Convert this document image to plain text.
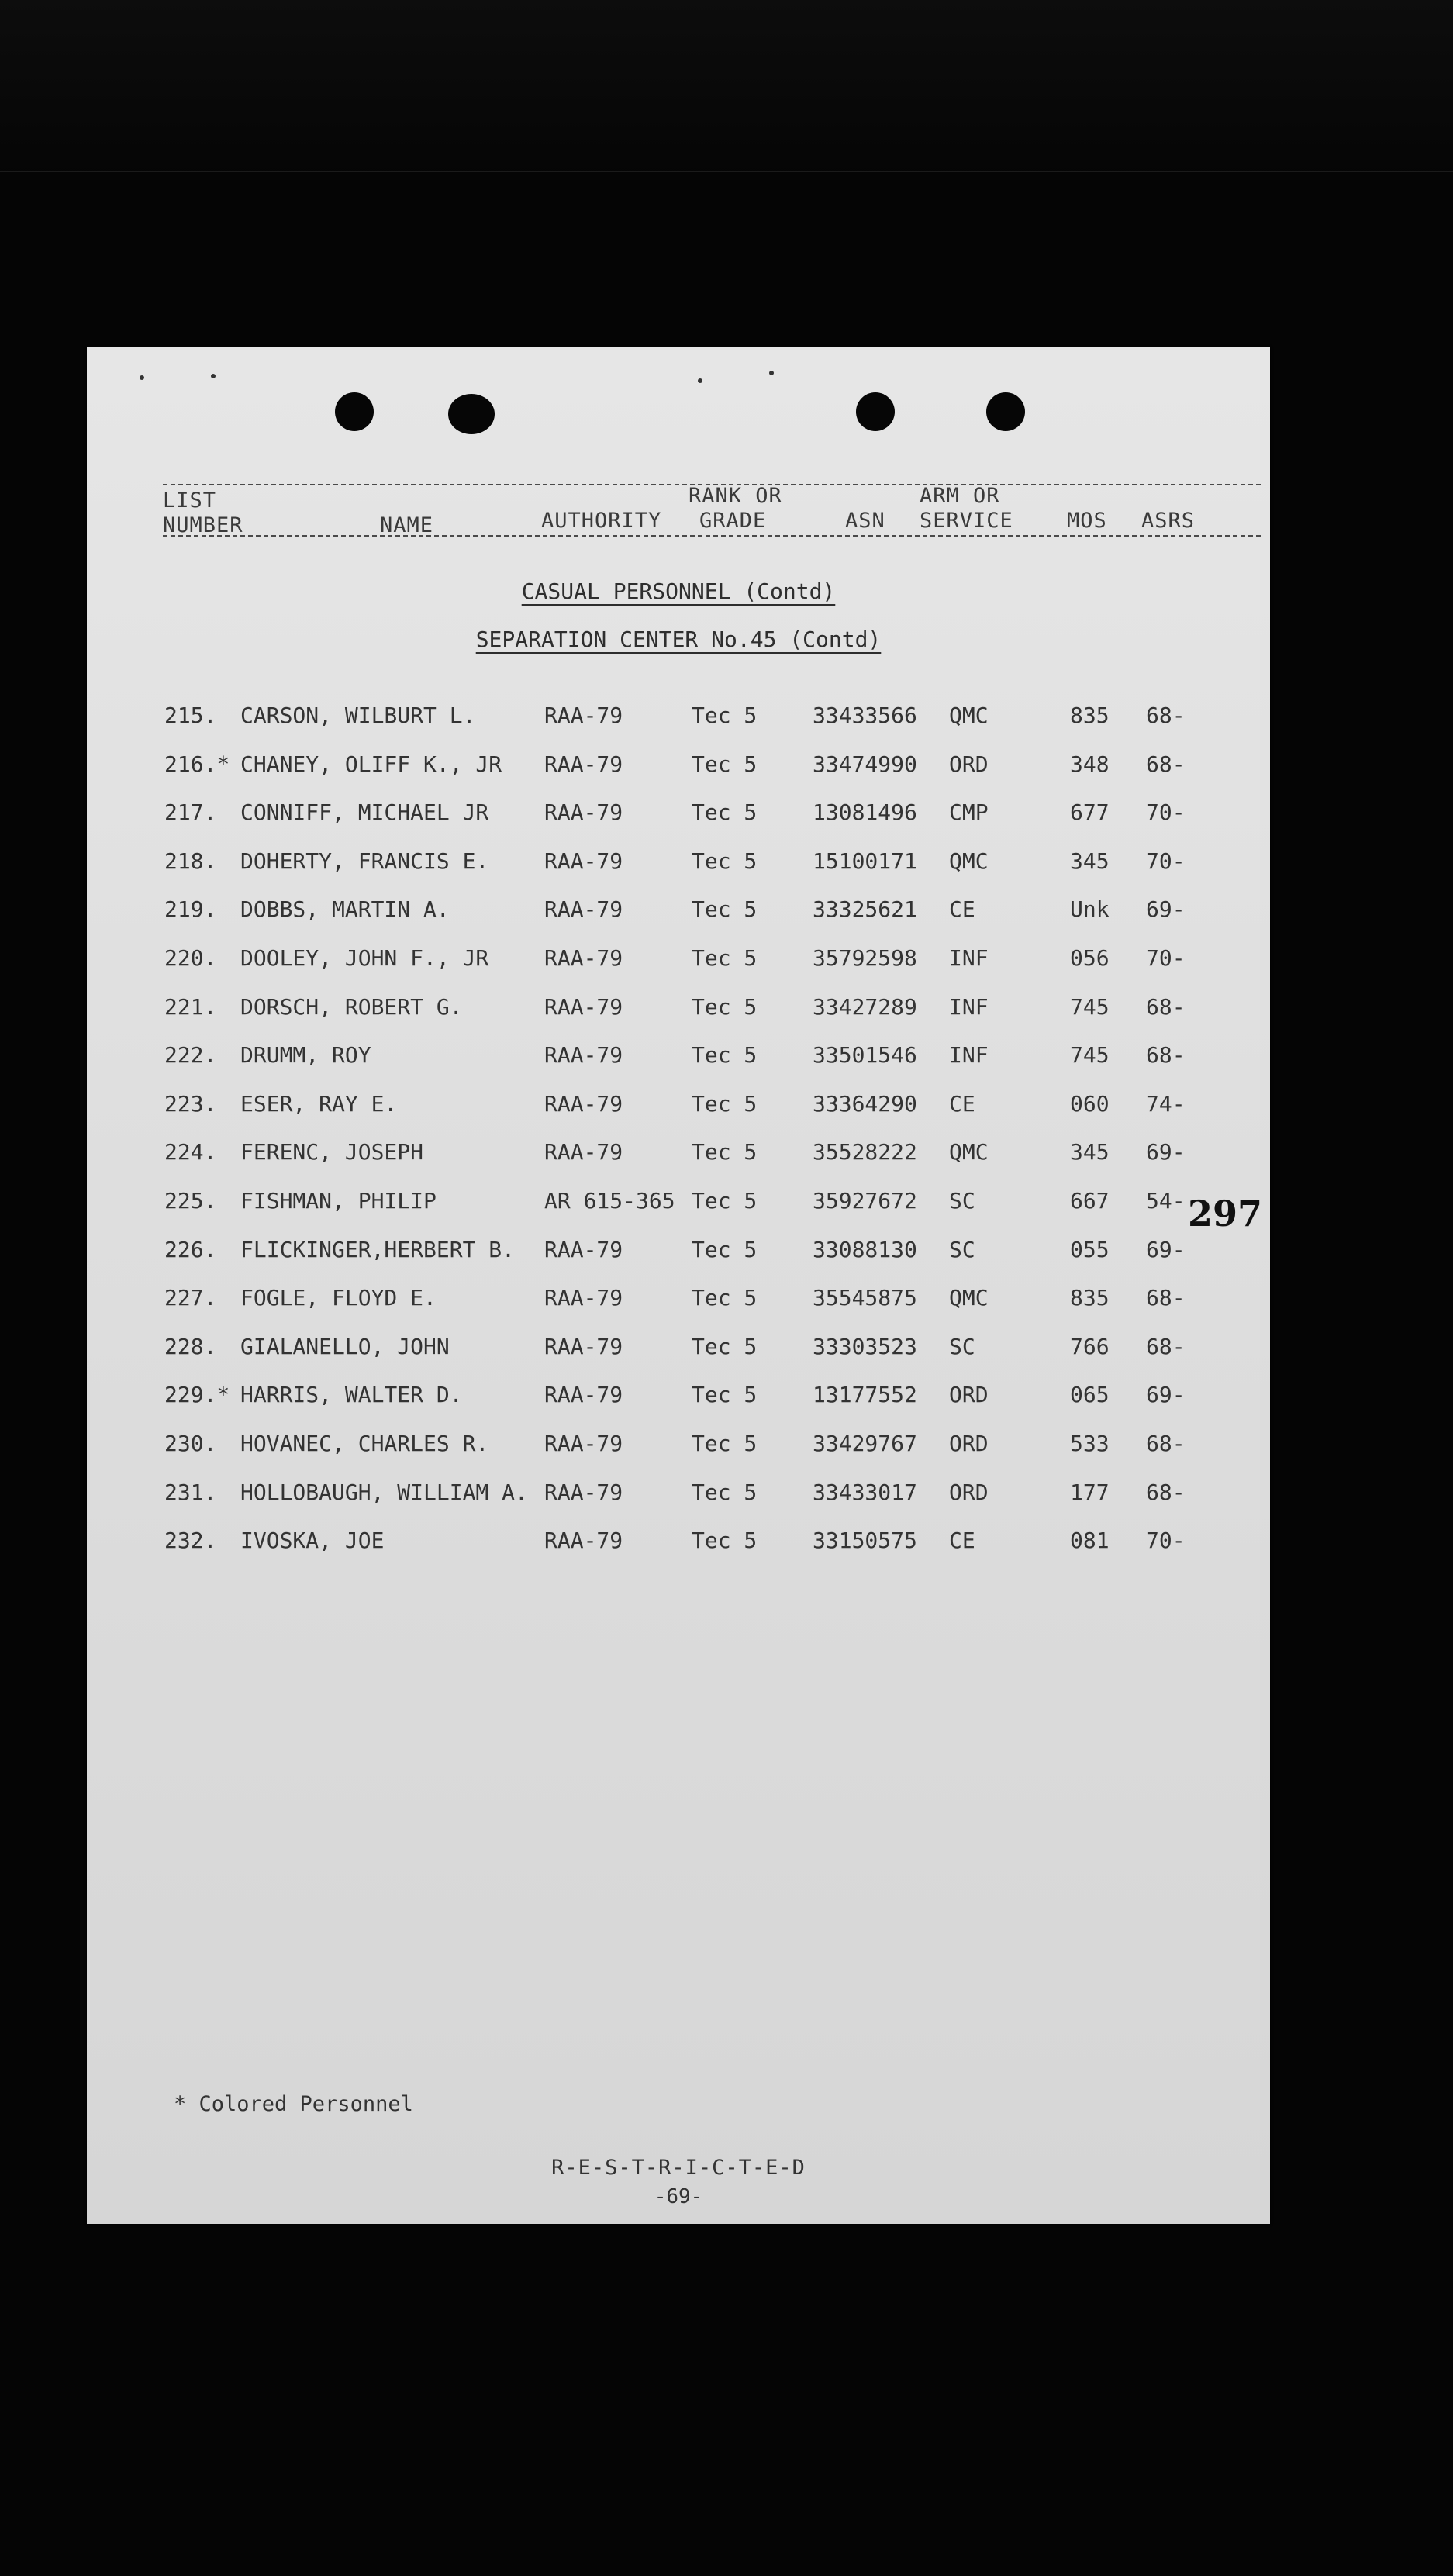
LIST
NUMBER	NAME	AUTHORITY
RANK OR
GRADE	ASN
ARM OR
SERVICE	MOS ASRS
CASUAL PERSONNEL (Contd)
SEPARATION CENTER No.45 (Contd)
215. CARSON, WILBURT L.	RAA-79	Tec 5	33433566 QMC	835 68-
216.* CHANEY, OLIFF K., JR RAA-79	Tec 5	33474990 ORD	348 68-
217. CONNIFF, MICHAEL JR	RAA-79	Tec 5	13081496 CMP	677 70-
218. DOHERTY, FRANCIS E.	RAA-79	Tec 5	15100171 QMC	345 70-
219. DOBBS, MARTIN A.	RAA-79	Tec 5	33325621 CE	Unk 69-
220. DOOLEY, JOHN F., JR	RAA-79	Tec 5	35792598 INF	056 70-
221. DORSCH, ROBERT G.	RAA-79	Tec 5	33427289 INF	745 68-
222. DRUMM, ROY	RAA-79	Tec 5	33501546 INF	745 68-
223. ESER, RAY E.	RAA-79	Tec 5	33364290 CE	060 74-
224. FERENC, JOSEPH	RAA-79	Tec 5	35528222 QMC	345 69-
225. FISHMAN, PHILIP	AR 615-365 Tec 5	35927672 SC	667 54-
226. FLICKINGER,HERBERT B. RAA-79	Tec 5	33088130 SC	055 69-
227. FOGLE, FLOYD E.	RAA-79	Tec 5	35545875 QMC	835 68-
228. GIALANELLO, JOHN	RAA-79	Tec 5	33303523 SC	766 68-
229.* HARRIS, WALTER D.	RAA-79	Tec 5	13177552 ORD	065 69-
230. HOVANEC, CHARLES R.	RAA-79	Tec 5	33429767 ORD	533 68-
231. HOLLOBAUGH, WILLIAM A. RAA-79	Tec 5	33433017 ORD	177 68-
232. IVOSKA, JOE	RAA-79	Tec 5	33150575 CE	081 70-
297
* Colored Personnel
R-E-S-T-R-I-C-T-E-D
-69-
